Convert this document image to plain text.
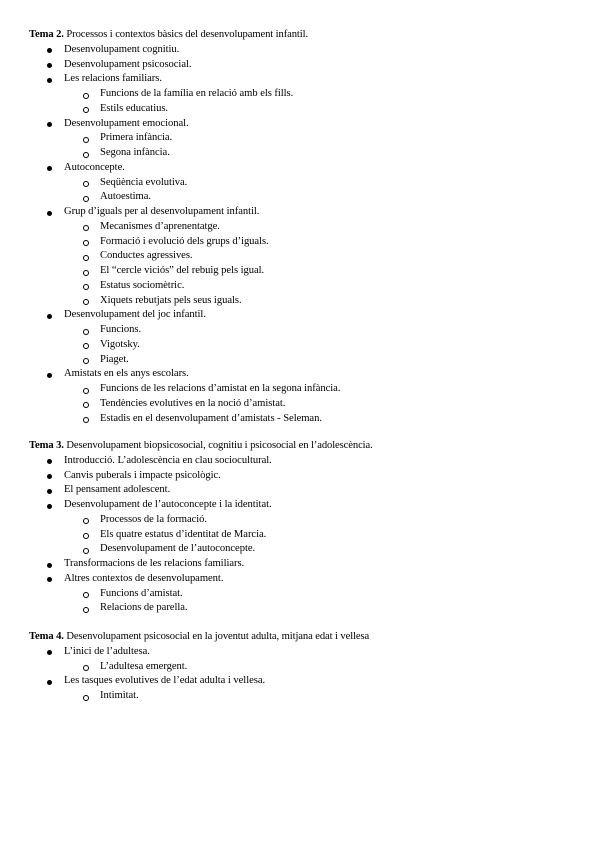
Tema 2. Processos i contextos bàsics del desenvolupament infantil.
Desenvolupament cognitiu.
Desenvolupament psicosocial.
Les relacions familiars.
Funcions de la família en relació amb els fills.
Estils educatius.
Desenvolupament emocional.
Primera infància.
Segona infància.
Autoconcepte.
Seqüència evolutiva.
Autoestima.
Grup d’iguals per al desenvolupament infantil.
Mecanismes d’aprenentatge.
Formació i evolució dels grups d’iguals.
Conductes agressives.
El “cercle viciós” del rebuig pels igual.
Estatus sociomètric.
Xiquets rebutjats pels seus iguals.
Desenvolupament del joc infantil.
Funcions.
Vigotsky.
Piaget.
Amistats en els anys escolars.
Funcions de les relacions d’amistat en la segona infància.
Tendències evolutives en la noció d’amistat.
Estadis en el desenvolupament d’amistats - Seleman.
Tema 3. Desenvolupament biopsicosocial, cognitiu i psicosocial en l’adolescència.
Introducció. L’adolescència en clau sociocultural.
Canvis puberals i impacte psicològic.
El pensament adolescent.
Desenvolupament de l’autoconcepte i la identitat.
Processos de la formació.
Els quatre estatus d’identitat de Marcia.
Desenvolupament de l’autoconcepte.
Transformacions de les relacions familiars.
Altres contextos de desenvolupament.
Funcions d’amistat.
Relacions de parella.
Tema 4. Desenvolupament psicosocial en la joventut adulta, mitjana edat i vellesa
L’inici de l’adultesa.
L’adultesa emergent.
Les tasques evolutives de l’edat adulta i vellesa.
Intimitat.
